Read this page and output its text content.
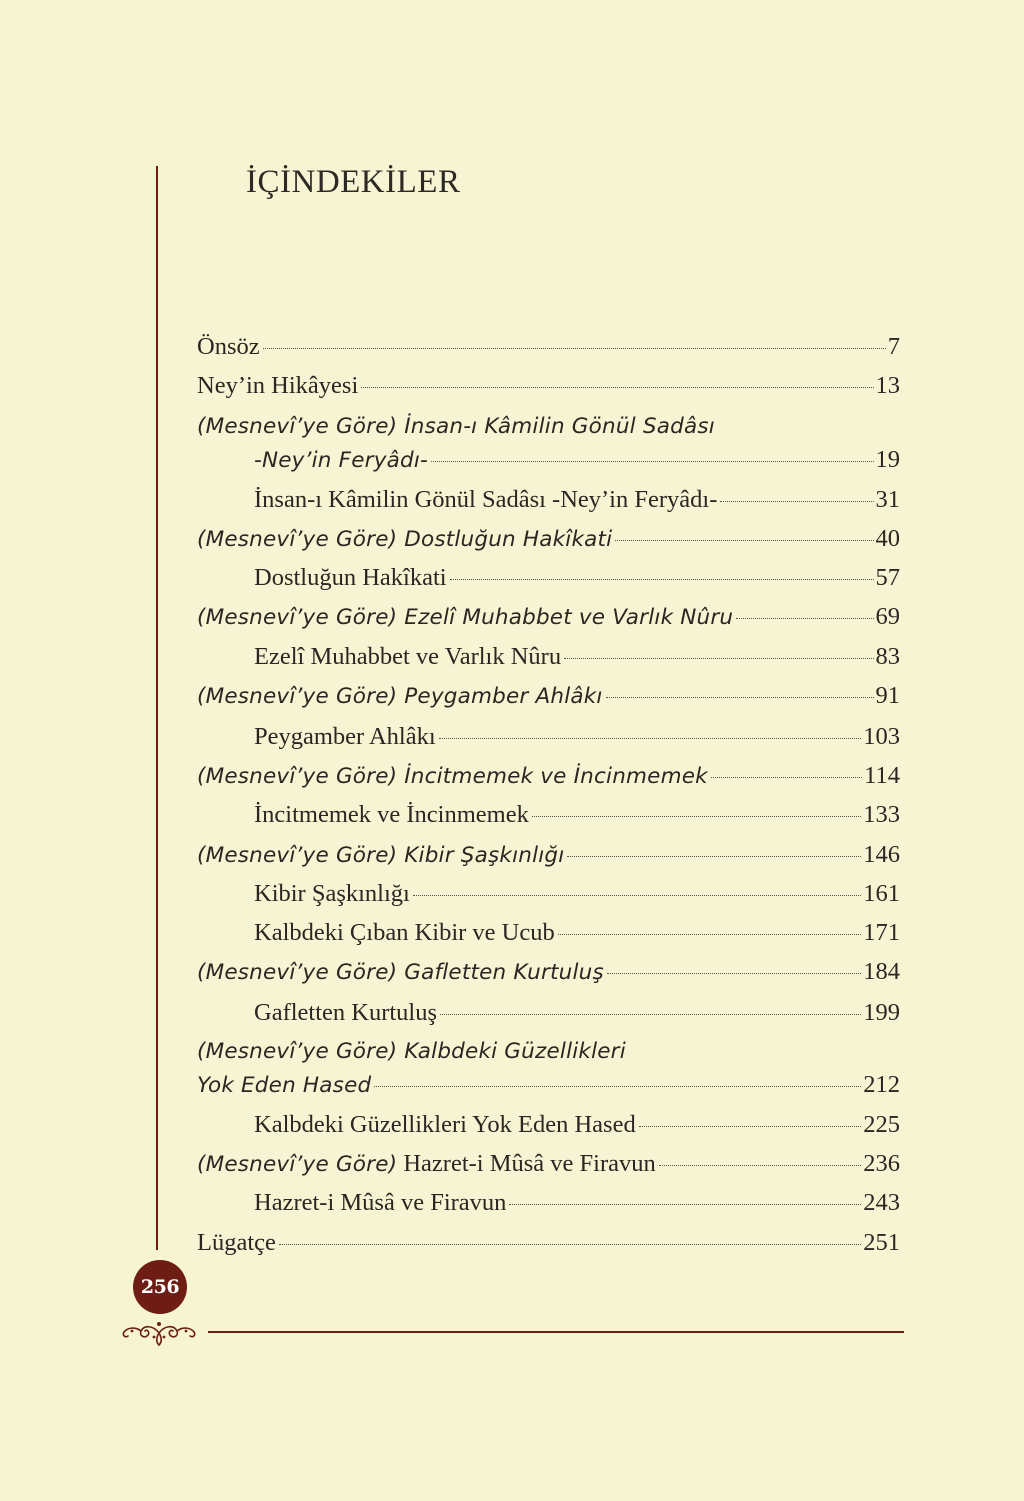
İÇİNDEKİLER
Önsöz	7
Ney’in Hikâyesi	13
(Mesnevî’ye Göre) İnsan-ı Kâmilin Gönül Sadâsı
-Ney’in Feryâdı-	19
İnsan-ı Kâmilin Gönül Sadâsı -Ney’in Feryâdı-	31
(Mesnevî’ye Göre) Dostluğun Hakîkati	40
Dostluğun Hakîkati	57
(Mesnevî’ye Göre) Ezelî Muhabbet ve Varlık Nûru	69
Ezelî Muhabbet ve Varlık Nûru	83
(Mesnevî’ye Göre) Peygamber Ahlâkı	91
Peygamber Ahlâkı	103
(Mesnevî’ye Göre) İncitmemek ve İncinmemek	114
İncitmemek ve İncinmemek	133
(Mesnevî’ye Göre) Kibir Şaşkınlığı	146
Kibir Şaşkınlığı	161
Kalbdeki Çıban Kibir ve Ucub	171
(Mesnevî’ye Göre) Gafletten Kurtuluş	184
Gafletten Kurtuluş	199
(Mesnevî’ye Göre) Kalbdeki Güzellikleri
Yok Eden Hased	212
Kalbdeki Güzellikleri Yok Eden Hased	225
(Mesnevî’ye Göre) Hazret-i Mûsâ ve Firavun	236
Hazret-i Mûsâ ve Firavun	243
Lügatçe	251
256
